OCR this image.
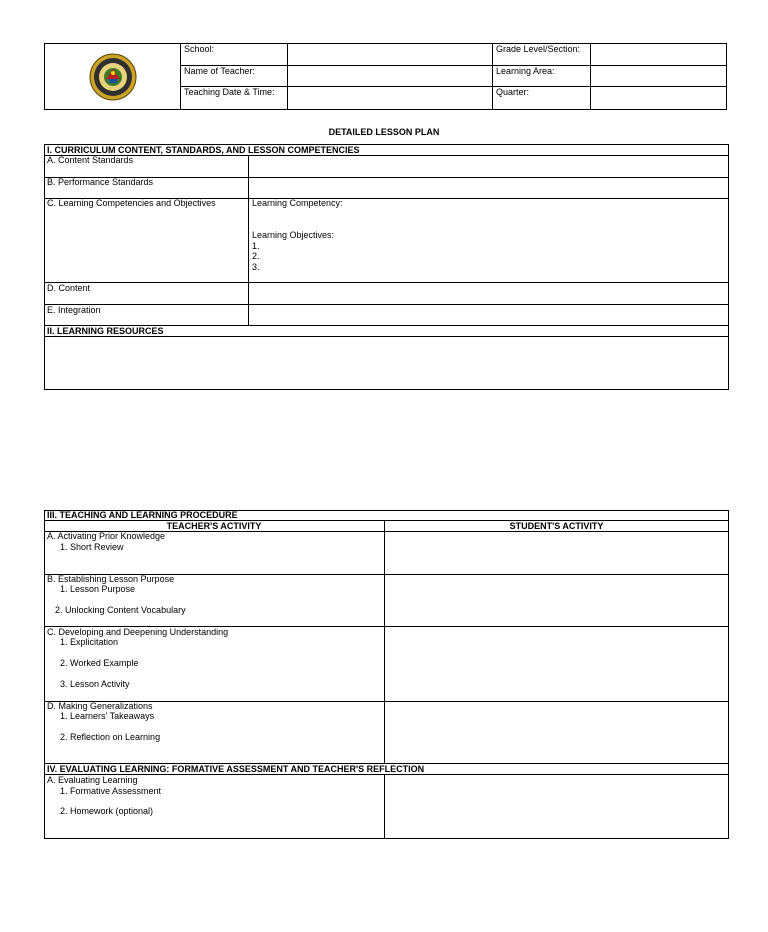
School:
Name of Teacher:
Teaching Date & Time:
Grade Level/Section:
Learning Area:
Quarter:
DETAILED LESSON PLAN
I. CURRICULUM CONTENT, STANDARDS, AND LESSON COMPETENCIES
A. Content Standards
B. Performance Standards
C. Learning Competencies and Objectives	Learning Competency:
Learning Objectives:
1.
2.
3.
D. Content
E. Integration
II. LEARNING RESOURCES
III. TEACHING AND LEARNING PROCEDURE
TEACHER'S ACTIVITY	STUDENT'S ACTIVITY
A. Activating Prior Knowledge
1. Short Review
B. Establishing Lesson Purpose
1. Lesson Purpose
2. Unlocking Content Vocabulary
C. Developing and Deepening Understanding
1. Explicitation
2. Worked Example
3. Lesson Activity
D. Making Generalizations
1. Learners' Takeaways
2. Reflection on Learning
IV. EVALUATING LEARNING: FORMATIVE ASSESSMENT AND TEACHER'S REFLECTION
A. Evaluating Learning
1. Formative Assessment
2. Homework (optional)
